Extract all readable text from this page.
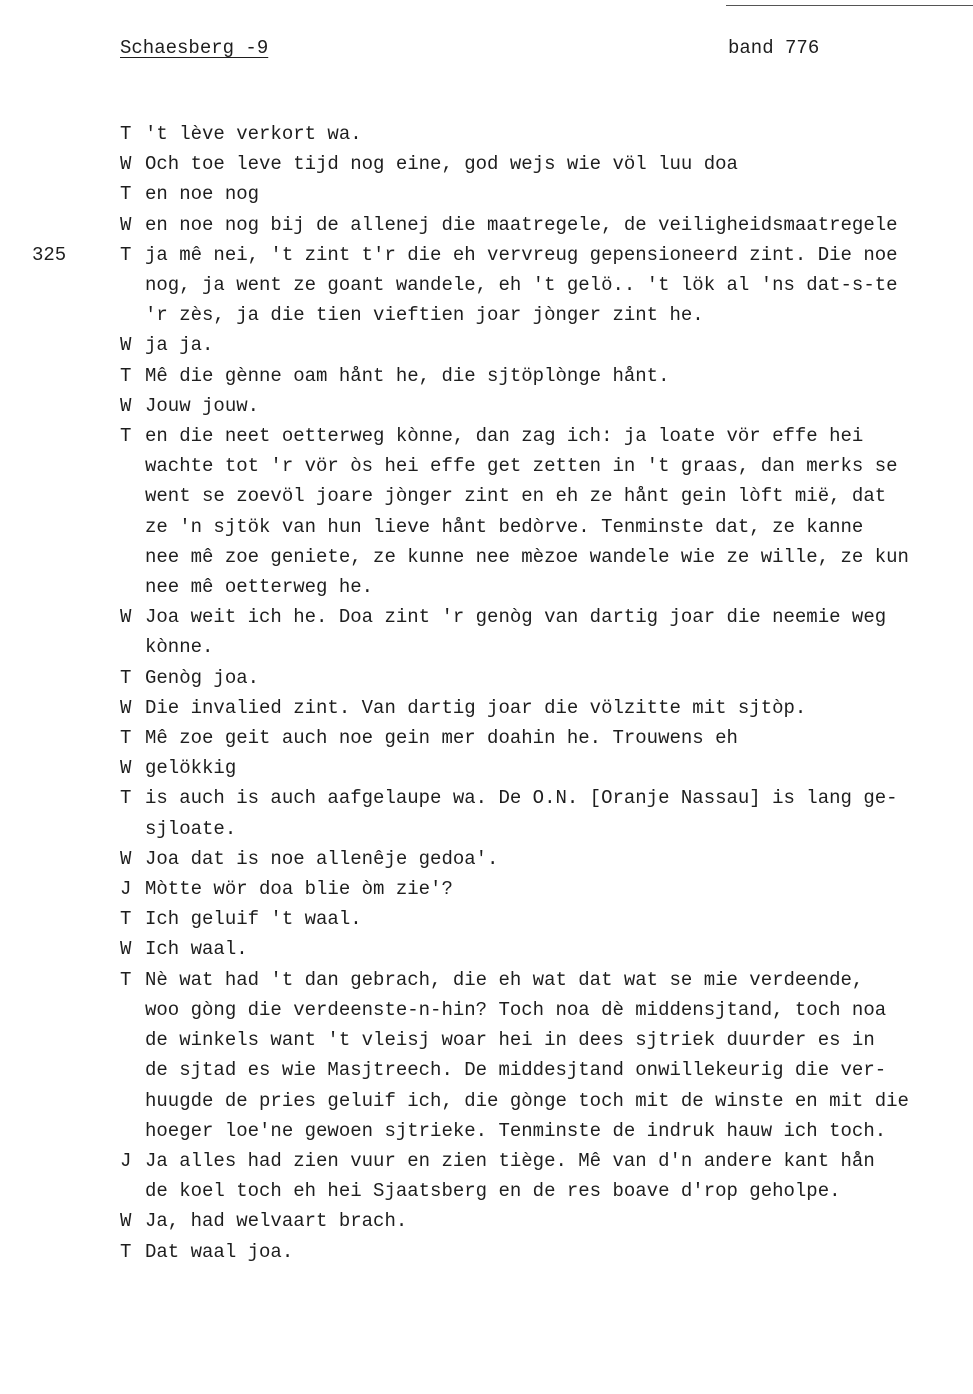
Schaesberg -9	band 776
T 't lève verkort wa.
W Och toe leve tijd nog eine, god wejs wie völ luu doa
T en noe nog
W en noe nog bij de allenej die maatregele, de veiligheidsmaatregele
325	T ja mê nei, 't zint t'r die eh vervreug gepensioneerd zint. Die noe
nog, ja went ze goant wandele, eh 't gelö.. 't lök al 'ns dat-s-te
'r zès, ja die tien vieftien joar jònger zint he.
W ja ja.
T Mê die gènne oam hånt he, die sjtöplònge hånt.
W Jouw jouw.
T en die neet oetterweg kònne, dan zag ich: ja loate vör effe hei
wachte tot 'r vör òs hei effe get zetten in 't graas, dan merks se
went se zoevöl joare jònger zint en eh ze hånt gein lòft mië, dat
ze 'n sjtök van hun lieve hånt bedòrve. Tenminste dat, ze kanne
nee mê zoe geniete, ze kunne nee mèzoe wandele wie ze wille, ze kun
nee mê oetterweg he.
W Joa weit ich he. Doa zint 'r genòg van dartig joar die neemie weg
kònne.
T Genòg joa.
W Die invalied zint. Van dartig joar die völzitte mit sjtòp.
T Mê zoe geit auch noe gein mer doahin he. Trouwens eh
W gelökkig
T is auch is auch aafgelaupe wa. De O.N. [Oranje Nassau] is lang ge-
sjloate.
W Joa dat is noe allenêje gedoa'.
J Mòtte wör doa blie òm zie'?
T Ich geluif 't waal.
W Ich waal.
T Nè wat had 't dan gebrach, die eh wat dat wat se mie verdeende,
woo gòng die verdeenste-n-hin? Toch noa dè middensjtand, toch noa
de winkels want 't vleisj woar hei in dees sjtriek duurder es in
de sjtad es wie Masjtreech. De middesjtand onwillekeurig die ver-
huugde de pries geluif ich, die gònge toch mit de winste en mit die
hoeger loe'ne gewoen sjtrieke. Tenminste de indruk hauw ich toch.
J Ja alles had zien vuur en zien tiège. Mê van d'n andere kant hån
de koel toch eh hei Sjaatsberg en de res boave d'rop geholpe.
W Ja, had welvaart brach.
T Dat waal joa.
